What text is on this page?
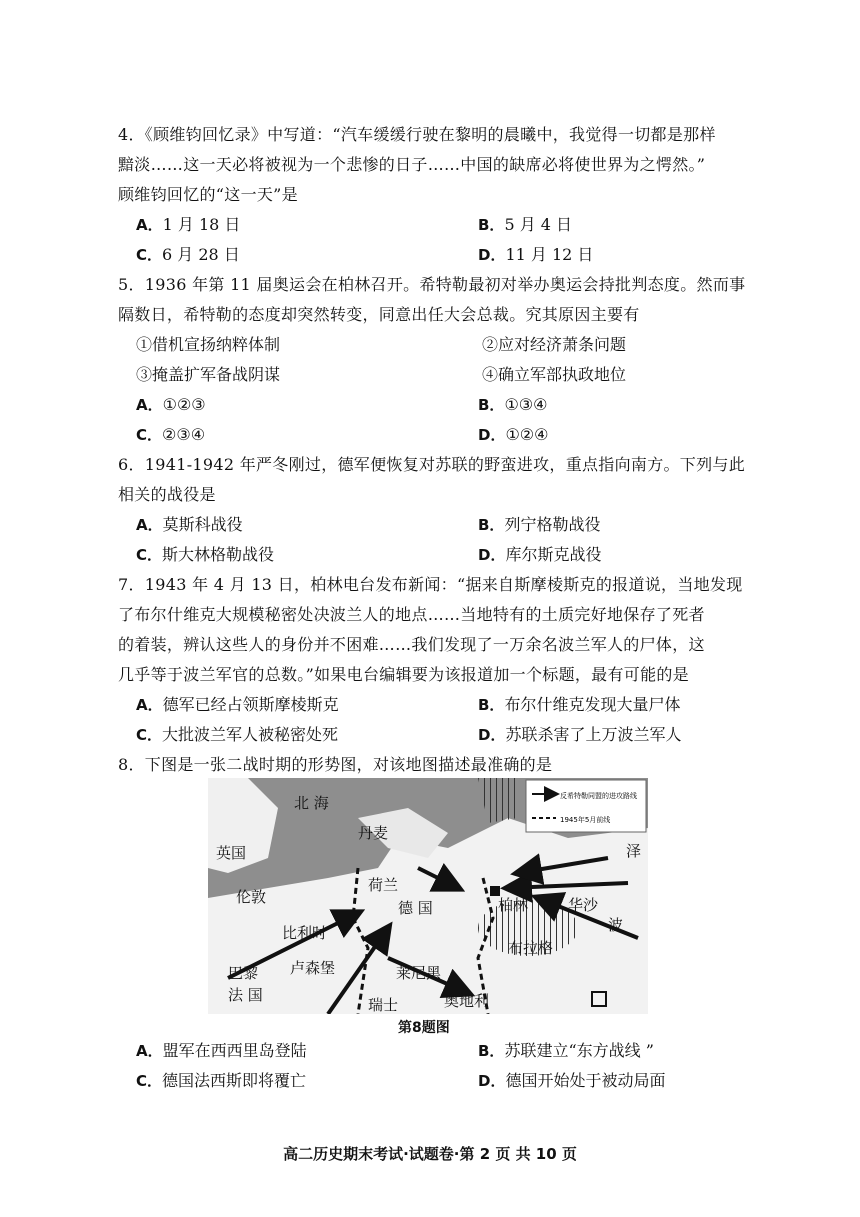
4．《顾维钧回忆录》中写道：“汽车缓缓行驶在黎明的晨曦中，我觉得一切都是那样
黯淡……这一天必将被视为一个悲惨的日子……中国的缺席必将使世界为之愕然。”
顾维钧回忆的“这一天”是
A．1 月 18 日	B．5 月 4 日
C．6 月 28 日	D．11 月 12 日
5．1936 年第 11 届奥运会在柏林召开。希特勒最初对举办奥运会持批判态度。然而事
隔数日，希特勒的态度却突然转变，同意出任大会总裁。究其原因主要有
①借机宣扬纳粹体制	②应对经济萧条问题
③掩盖扩军备战阴谋	④确立军部执政地位
A．①②③	B．①③④
C．②③④	D．①②④
6．1941-1942 年严冬刚过，德军便恢复对苏联的野蛮进攻，重点指向南方。下列与此
相关的战役是
A．莫斯科战役	B．列宁格勒战役
C．斯大林格勒战役	D．库尔斯克战役
7．1943 年 4 月 13 日，柏林电台发布新闻：“据来自斯摩棱斯克的报道说，当地发现
了布尔什维克大规模秘密处决波兰人的地点……当地特有的土质完好地保存了死者
的着装，辨认这些人的身份并不困难……我们发现了一万余名波兰军人的尸体，这
几乎等于波兰军官的总数。”如果电台编辑要为该报道加一个标题，最有可能的是
A．德军已经占领斯摩棱斯克	B．布尔什维克发现大量尸体
C．大批波兰军人被秘密处死	D．苏联杀害了上万波兰军人
8．下图是一张二战时期的形势图，对该地图描述最准确的是
反希特勒同盟的进攻路线
1945年5月前线
北 海
丹麦
英国
伦敦
荷兰
德 国	柏林	华沙
波
比利时
布拉格
卢森堡
巴黎	莱尼黑
法 国
瑞士	奥地利
泽
第8题图
A．盟军在西西里岛登陆	B．苏联建立“东方战线 ”
C．德国法西斯即将覆亡	D．德国开始处于被动局面
高二历史期末考试·试题卷·第 2 页 共 10 页
